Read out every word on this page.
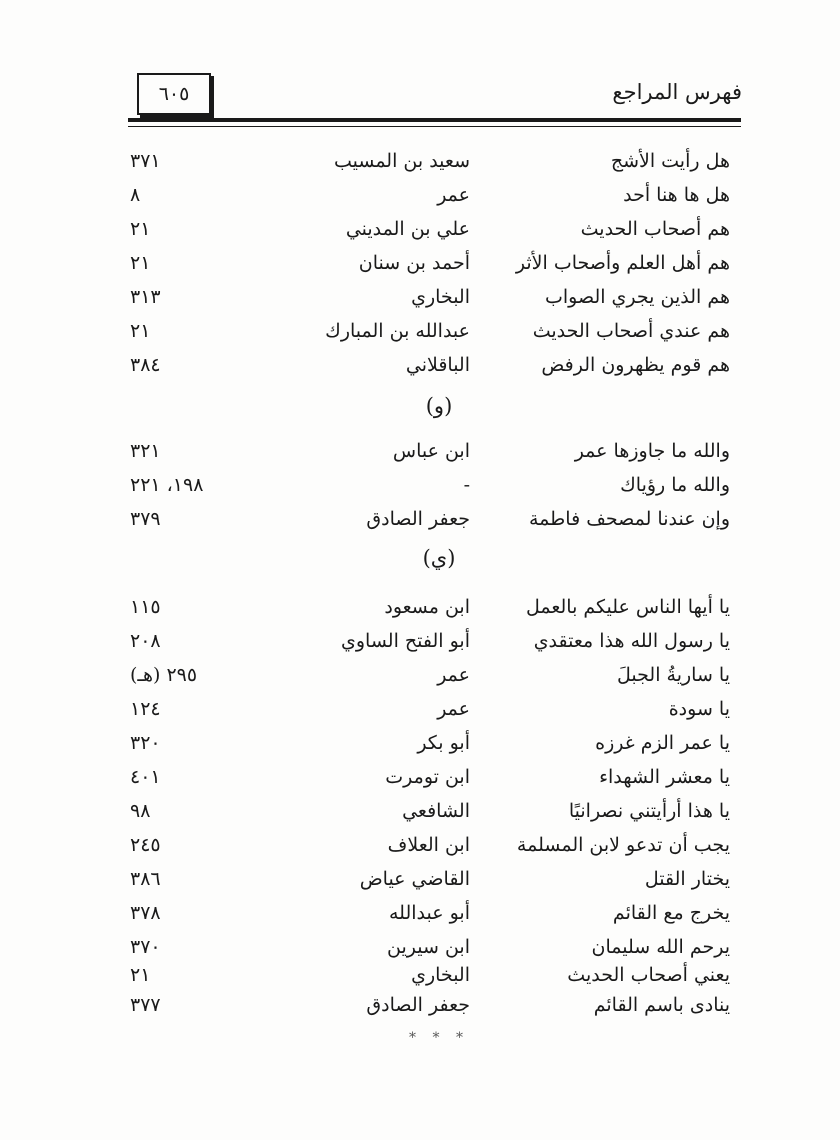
فهرس المراجع
٦٠٥
هل رأيت الأشج
سعيد بن المسيب
٣٧١
هل ها هنا أحد
عمر
٨
هم أصحاب الحديث
علي بن المديني
٢١
هم أهل العلم وأصحاب الأثر
أحمد بن سنان
٢١
هم الذين يجري الصواب
البخاري
٣١٣
هم عندي أصحاب الحديث
عبدالله بن المبارك
٢١
هم قوم يظهرون الرفض
الباقلاني
٣٨٤
(و)
والله ما جاوزها عمر
ابن عباس
٣٢١
والله ما رؤياك
-
١٩٨، ٢٢١
وإن عندنا لمصحف فاطمة
جعفر الصادق
٣٧٩
(ي)
يا أيها الناس عليكم بالعمل
ابن مسعود
١١٥
يا رسول الله هذا معتقدي
أبو الفتح الساوي
٢٠٨
يا ساريةُ الجبلَ
عمر
٢٩٥ (هـ)
يا سودة
عمر
١٢٤
يا عمر الزم غرزه
أبو بكر
٣٢٠
يا معشر الشهداء
ابن تومرت
٤٠١
يا هذا أرأيتني نصرانيًا
الشافعي
٩٨
يجب أن تدعو لابن المسلمة
ابن العلاف
٢٤٥
يختار القتل
القاضي عياض
٣٨٦
يخرج مع القائم
أبو عبدالله
٣٧٨
يرحم الله سليمان
ابن سيرين
٣٧٠
يعني أصحاب الحديث
البخاري
٢١
ينادى باسم القائم
جعفر الصادق
٣٧٧
* * *
